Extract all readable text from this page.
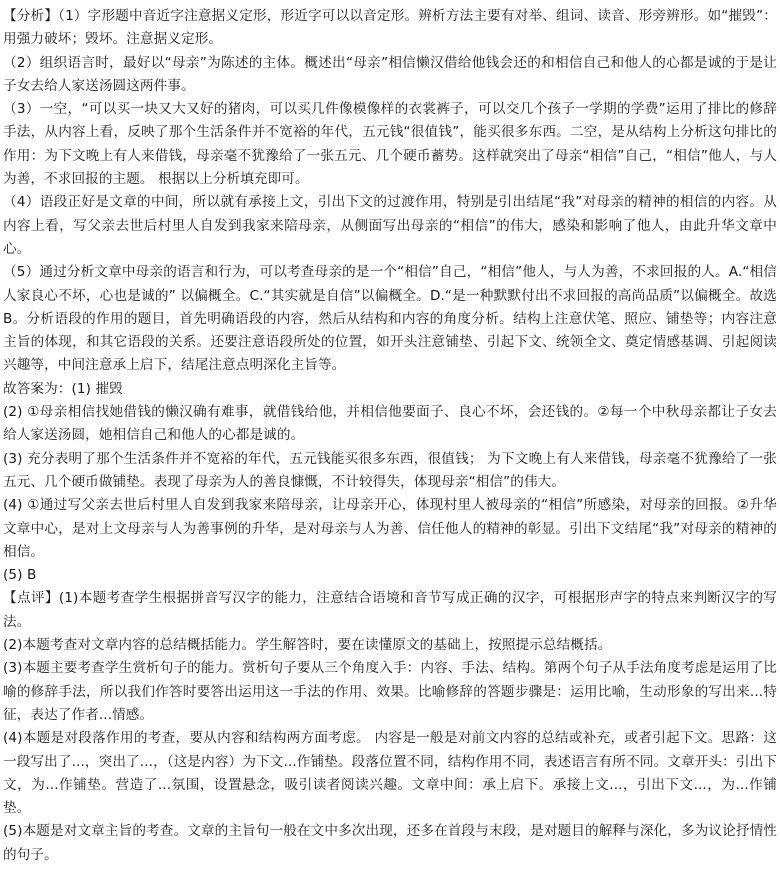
【分析】（1）字形题中音近字注意据义定形，形近字可以以音定形。辨析方法主要有对举、组词、读音、形旁辨形。如“摧毁”：用强力破坏；毁坏。注意据义定形。

（2）组织语言时，最好以“母亲”为陈述的主体。概述出“母亲”相信懒汉借给他钱会还的和相信自己和他人的心都是诚的于是让子女去给人家送汤圆这两件事。

（3）一空，“可以买一块又大又好的猪肉，可以买几件像模像样的衣裳裤子，可以交几个孩子一学期的学费”运用了排比的修辞手法，从内容上看，反映了那个生活条件并不宽裕的年代，五元钱“很值钱”，能买很多东西。二空，是从结构上分析这句排比的作用：为下文晚上有人来借钱，母亲毫不犹豫给了一张五元、几个硬币蓄势。这样就突出了母亲“相信”自己，“相信”他人，与人为善，不求回报的主题。 根据以上分析填充即可。

（4）语段正好是文章的中间，所以就有承接上文，引出下文的过渡作用，特别是引出结尾“我”对母亲的精神的相信的内容。从内容上看，写父亲去世后村里人自发到我家来陪母亲，从侧面写出母亲的“相信”的伟大，感染和影响了他人，由此升华文章中心。

（5）通过分析文章中母亲的语言和行为，可以考查母亲的是一个“相信”自己，“相信”他人，与人为善，不求回报的人。A.“相信人家良心不坏，心也是诚的” 以偏概全。C.“其实就是自信”以偏概全。D.“是一种默默付出不求回报的高尚品质”以偏概全。故选B。分析语段的作用的题目，首先明确语段的内容，然后从结构和内容的角度分析。结构上注意伏笔、照应、铺垫等；内容注意主旨的体现，和其它语段的关系。还要注意语段所处的位置，如开头注意铺垫、引起下文、统领全文、奠定情感基调、引起阅读兴趣等，中间注意承上启下，结尾注意点明深化主旨等。

故答案为：(1) 摧毁

(2) ①母亲相信找她借钱的懒汉确有难事，就借钱给他，并相信他要面子、良心不坏，会还钱的。②每一个中秋母亲都让子女去给人家送汤圆，她相信自己和他人的心都是诚的。

(3) 充分表明了那个生活条件并不宽裕的年代，五元钱能买很多东西，很值钱； 为下文晚上有人来借钱，母亲毫不犹豫给了一张五元、几个硬币做铺垫。表现了母亲为人的善良慷慨，不计较得失，体现母亲“相信”的伟大。

(4) ①通过写父亲去世后村里人自发到我家来陪母亲，让母亲开心，体现村里人被母亲的“相信”所感染，对母亲的回报。②升华文章中心，是对上文母亲与人为善事例的升华，是对母亲与人为善、信任他人的精神的彰显。引出下文结尾“我”对母亲的精神的相信。

(5) B

【点评】(1)本题考查学生根据拼音写汉字的能力，注意结合语境和音节写成正确的汉字，可根据形声字的特点来判断汉字的写法。

(2)本题考查对文章内容的总结概括能力。学生解答时，要在读懂原文的基础上，按照提示总结概括。

(3)本题主要考查学生赏析句子的能力。赏析句子要从三个角度入手：内容、手法、结构。第两个句子从手法角度考虑是运用了比喻的修辞手法，所以我们作答时要答出运用这一手法的作用、效果。比喻修辞的答题步骤是：运用比喻，生动形象的写出来...特征，表达了作者...情感。

(4)本题是对段落作用的考查，要从内容和结构两方面考虑。 内容是一般是对前文内容的总结或补充，或者引起下文。思路：这一段写出了...，突出了...，（这是内容）为下文...作铺垫。段落位置不同，结构作用不同，表述语言有所不同。文章开头：引出下文，为...作铺垫。营造了...氛围，设置悬念，吸引读者阅读兴趣。文章中间：承上启下。承接上文...，引出下文...，为...作铺垫。

(5)本题是对文章主旨的考查。文章的主旨句一般在文中多次出现，还多在首段与末段，是对题目的解释与深化，多为议论抒情性的句子。
